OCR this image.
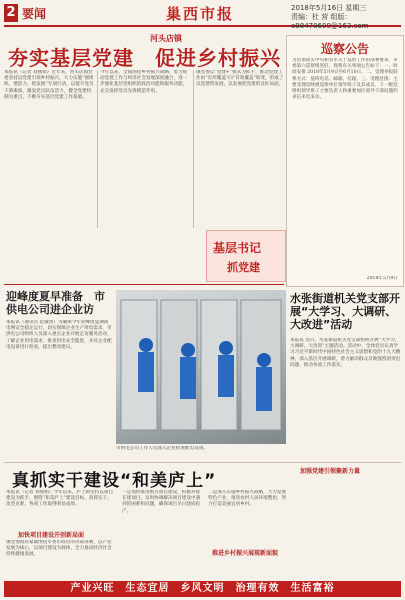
2 要闻	巢西市报	2018年5月16日 星期三
责编：杜 营 组版：a98470600@163.com
河头店镇
夯实基层党建　促进乡村振兴
本报讯（记者 刘燕娟）近年来，河头店镇党委坚持以党建引领乡村振兴，大力实施“强组织、增活力、促发展”专项行动，以提升党员干部素质，激发党员队伍活力，健全党建机制为重点，不断夯实基层党建工作基础。
今年以来，全镇围绕乡村振兴战略，着力推动党建工作与经济社会发展深度融合，进一步强化基层党组织的政治功能和服务功能，充分发挥党员先锋模范作用。
镇党委以“党建+”模式为抓手，推动党建工作由“有形覆盖”向“有效覆盖”转变，形成了以党建带发展、以发展促党建的良好局面。
巡察公告
为贯彻落实中央和省市关于巡察工作的部署要求，市委第六巡察组进驻，现将有关事项公告如下：一、时间安排 2018年5月9日至6月10日。二、受理举报联系方式：值班电话、邮箱、信箱。三、受理范围：主要受理反映被巡察单位领导班子及其成员、下一级党组织领导班子主要负责人和重要岗位领导干部问题的来信来电来访。
2018年5月9日
基层书记
抓党建
迎峰度夏早准备　市供电公司进企业访
本报讯（通讯员 范敏鸿）为确保今年迎峰度夏期间电网安全稳定运行，切实保障企业生产用电需求，市供电公司组织人员深入重点企业开展走访服务活动，了解企业用电需求，排查用电安全隐患，并对企业配电设备进行检查，提出整改建议。
市供电公司工作人员深入企业检查配电设备。
水张街道机关党支部开展“大学习、大调研、大改进”活动
本报讯 近日，水张街道机关党支部组织开展“大学习、大调研、大改进”主题活动。活动中，全体党员认真学习习近平新时代中国特色社会主义思想和党的十九大精神，深入基层开展调研，着力解决群众反映强烈的突出问题，推动各项工作落实。
真抓实干建设“和美庐上”
本报讯（记者 刘燕娟）今年以来，庐上镇坚持以项目建设为抓手，围绕“和美庐上”建设目标，真抓实干、攻坚克难，各项工作取得明显成效。
加快项目建设开创新局面
镇党委政府紧紧围绕市委市政府的决策部署，以产业发展为核心，以项目建设为载体，全力推动经济社会持续健康发展。
一是加快推进重点项目建设，积极对接在建项目，及时协调解决项目建设中遇到的困难和问题，确保项目早日建成投产。
推进乡村振兴展现新面貌
二是深入实施乡村振兴战略，大力发展特色产业，推进农村人居环境整治，努力打造美丽宜居乡村。
加强党建引领聚新力量
产业兴旺　生态宜居　乡风文明　治理有效　生活富裕
